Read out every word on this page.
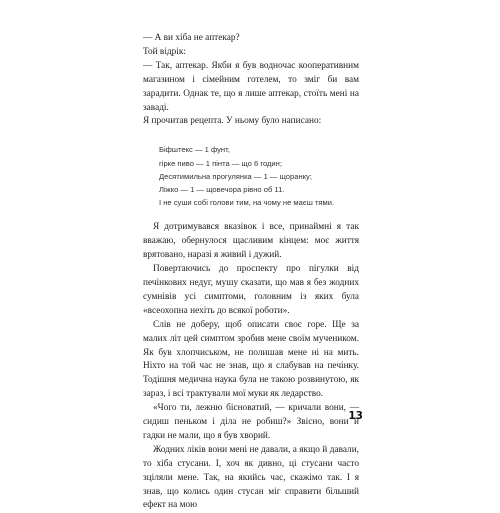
— А ви хіба не аптекар?

Той відрік:

— Так, аптекар. Якби я був водночас кооперативним магазином і сімейним готелем, то зміг би вам зарадити. Однак те, що я лише аптекар, стоїть мені на заваді.

Я прочитав рецепта. У ньому було написано:

Біфштекс — 1 фунт,
гірке пиво — 1 пінта — що 6 годин;
Десятимильна прогулянка — 1 — щоранку;
Ліжко — 1 — щовечора рівно об 11.
І не суши собі голови тим, на чому не маєш тями.

Я дотримувався вказівок і все, принаймні я так вважаю, обернулося щасливим кінцем: моє життя врятовано, наразі я живий і дужий.

Повертаючись до проспекту про пігулки від печінкових недуг, мушу сказати, що мав я без жодних сумнівів усі симптоми, головним із яких була «всеохопна нехіть до всякої роботи».

Слів не доберу, щоб описати своє горе. Ще за малих літ цей симптом зробив мене своїм мучеником. Як був хлопчиськом, не полишав мене ні на мить. Ніхто на той час не знав, що я слабував на печінку. Тодішня медична наука була не такою розвинутою, як зараз, і всі трактували мої муки як ледарство.

«Чого ти, лежню бісноватий, — кричали вони, — сидиш пеньком і діла не робиш?» Звісно, вони й гадки не мали, що я був хворий.

Жодних ліків вони мені не давали, а якщо й давали, то хіба стусани. І, хоч як дивно, ці стусани часто зціляли мене. Так, на якийсь час, скажімо так. І я знав, що колись один стусан міг справити більший ефект на мою

13
